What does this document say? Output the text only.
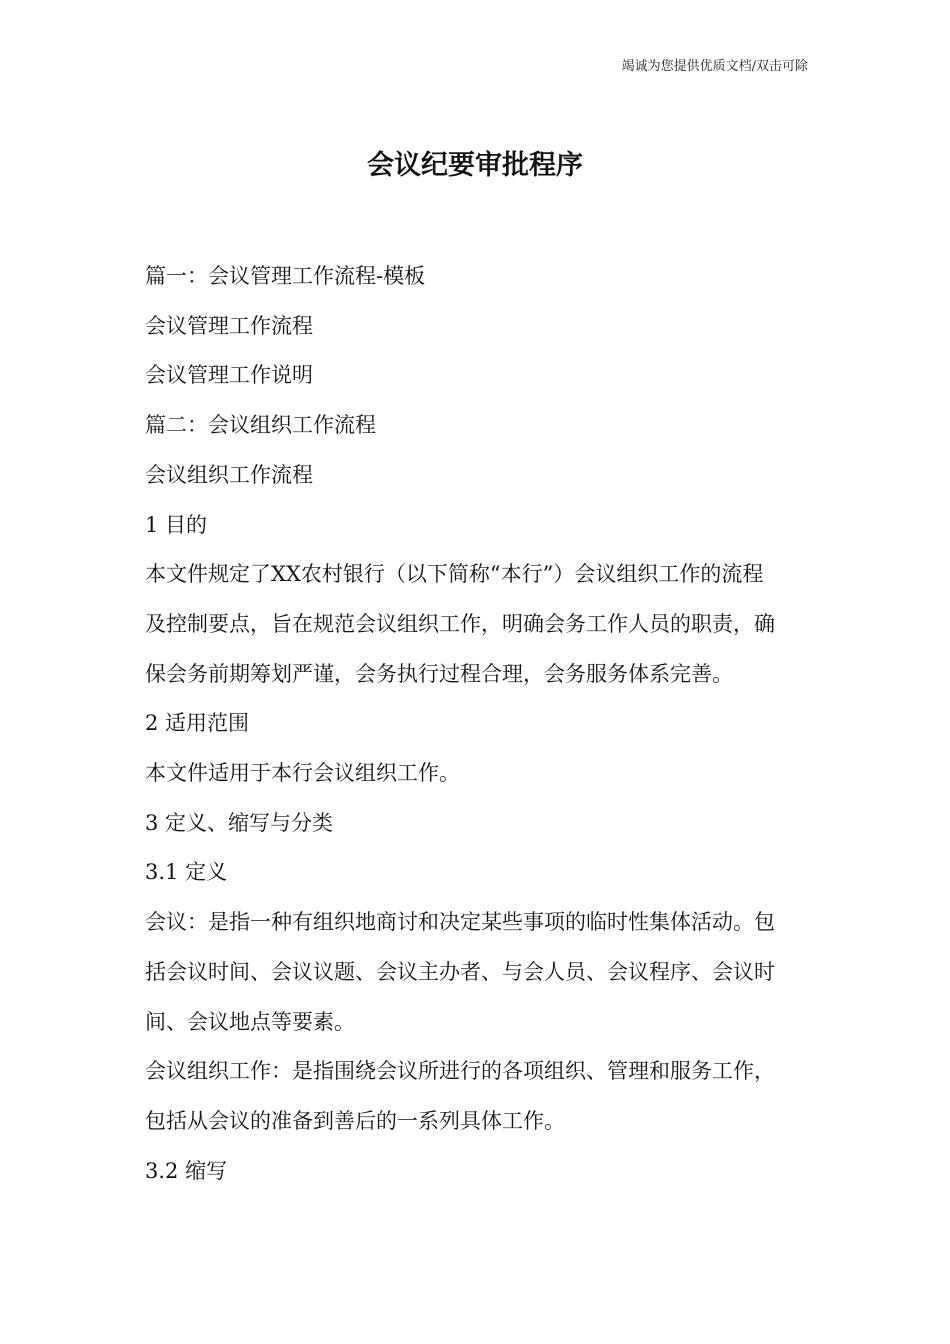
竭诚为您提供优质文档/双击可除
会议纪要审批程序

篇一：会议管理工作流程-模板

会议管理工作流程

会议管理工作说明

篇二：会议组织工作流程

会议组织工作流程

1 目的

本文件规定了XX农村银行（以下简称“本行”）会议组织工作的流程

及控制要点，旨在规范会议组织工作，明确会务工作人员的职责，确

保会务前期筹划严谨，会务执行过程合理，会务服务体系完善。

2 适用范围

本文件适用于本行会议组织工作。

3 定义、缩写与分类

3.1 定义

会议：是指一种有组织地商讨和决定某些事项的临时性集体活动。包

括会议时间、会议议题、会议主办者、与会人员、会议程序、会议时

间、会议地点等要素。

会议组织工作：是指围绕会议所进行的各项组织、管理和服务工作，

包括从会议的准备到善后的一系列具体工作。

3.2 缩写
